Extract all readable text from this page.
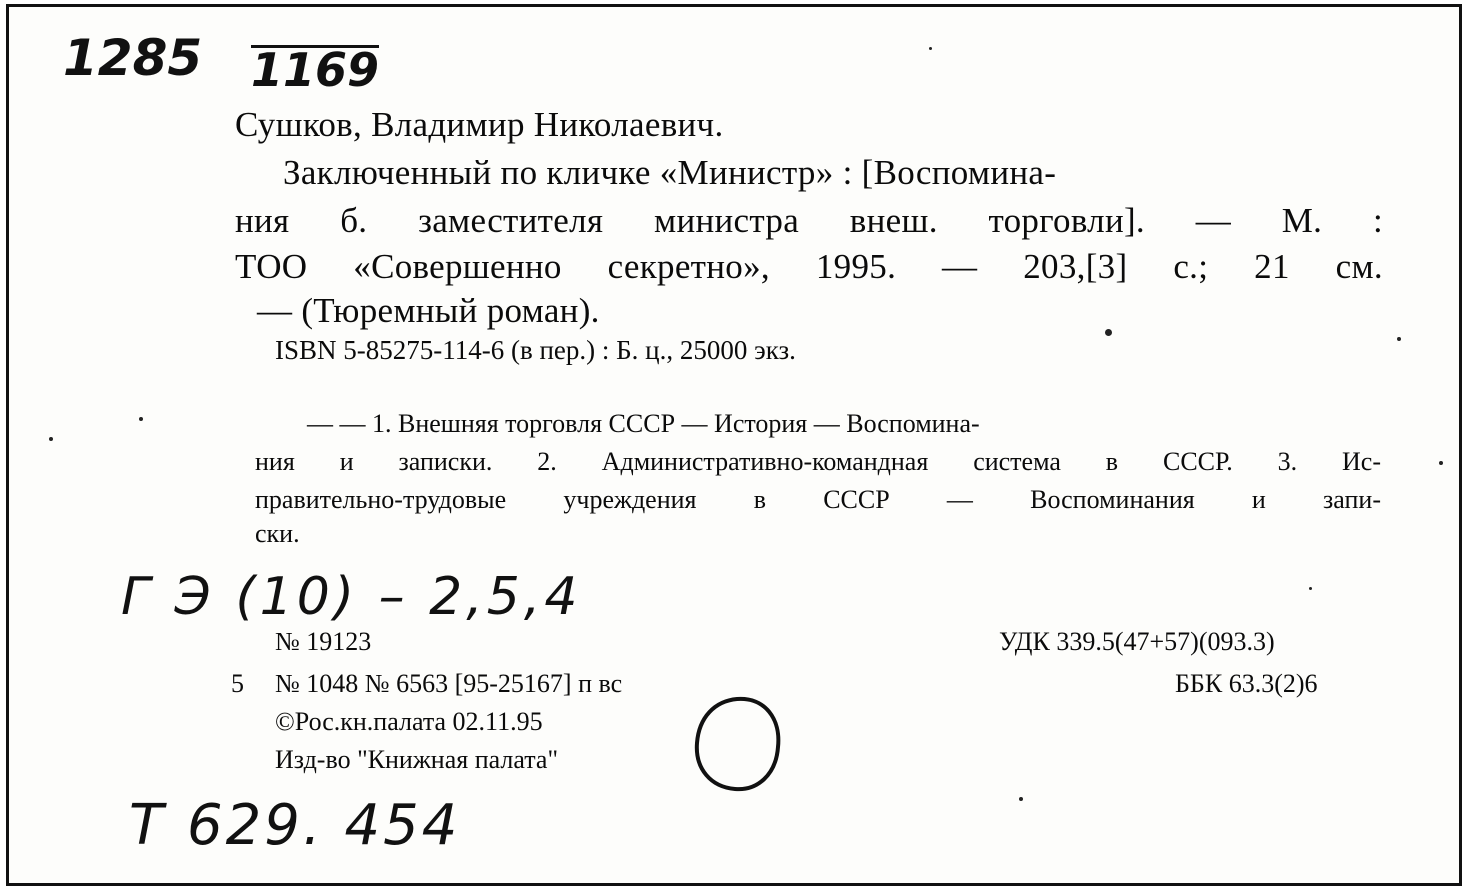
1285 1169
Сушков, Владимир Николаевич.
Заключенный по кличке «Министр» : [Воспомина-
ния б. заместителя министра внеш. торговли]. — М. :
ТОО «Совершенно секретно», 1995. — 203,[3] с.; 21 см.
— (Тюремный роман).
ISBN 5-85275-114-6 (в пер.) : Б. ц., 25000 экз.
— — 1. Внешняя торговля СССР — История — Воспомина-
ния и записки. 2. Административно-командная система в СССР. 3. Ис-
правительно-трудовые учреждения в СССР — Воспоминания и запи-
ски.
Г Э (10) – 2,5,4
№ 19123
5 № 1048 № 6563 [95-25167] п вс
©Рос.кн.палата 02.11.95
Изд-во "Книжная палата"
УДК 339.5(47+57)(093.3)
ББК 63.3(2)6
Т 629. 454
